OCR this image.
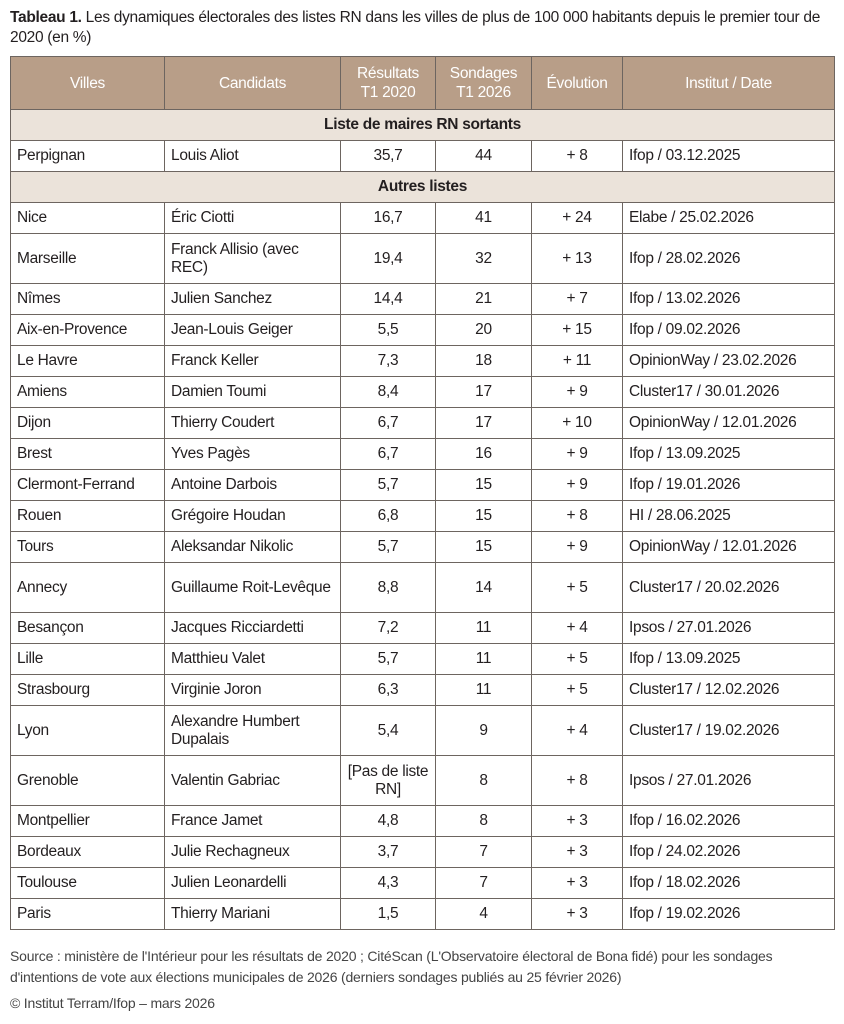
Tableau 1. Les dynamiques électorales des listes RN dans les villes de plus de 100 000 habitants depuis le premier tour de 2020 (en %)
Villes	Candidats	Résultats T1 2020	Sondages T1 2026	Évolution	Institut / Date
Liste de maires RN sortants					
Perpignan	Louis Aliot	35,7	44	+ 8	Ifop / 03.12.2025
Autres listes					
Nice	Éric Ciotti	16,7	41	+ 24	Elabe / 25.02.2026
Marseille	Franck Allisio (avec REC)	19,4	32	+ 13	Ifop / 28.02.2026
Nîmes	Julien Sanchez	14,4	21	+ 7	Ifop / 13.02.2026
Aix-en-Provence	Jean-Louis Geiger	5,5	20	+ 15	Ifop / 09.02.2026
Le Havre	Franck Keller	7,3	18	+ 11	OpinionWay / 23.02.2026
Amiens	Damien Toumi	8,4	17	+ 9	Cluster17 / 30.01.2026
Dijon	Thierry Coudert	6,7	17	+ 10	OpinionWay / 12.01.2026
Brest	Yves Pagès	6,7	16	+ 9	Ifop / 13.09.2025
Clermont-Ferrand	Antoine Darbois	5,7	15	+ 9	Ifop / 19.01.2026
Rouen	Grégoire Houdan	6,8	15	+ 8	HI / 28.06.2025
Tours	Aleksandar Nikolic	5,7	15	+ 9	OpinionWay / 12.01.2026
Annecy	Guillaume Roit-Levêque	8,8	14	+ 5	Cluster17 / 20.02.2026
Besançon	Jacques Ricciardetti	7,2	11	+ 4	Ipsos / 27.01.2026
Lille	Matthieu Valet	5,7	11	+ 5	Ifop / 13.09.2025
Strasbourg	Virginie Joron	6,3	11	+ 5	Cluster17 / 12.02.2026
Lyon	Alexandre Humbert Dupalais	5,4	9	+ 4	Cluster17 / 19.02.2026
Grenoble	Valentin Gabriac	[Pas de liste RN]	8	+ 8	Ipsos / 27.01.2026
Montpellier	France Jamet	4,8	8	+ 3	Ifop / 16.02.2026
Bordeaux	Julie Rechagneux	3,7	7	+ 3	Ifop / 24.02.2026
Toulouse	Julien Leonardelli	4,3	7	+ 3	Ifop / 18.02.2026
Paris	Thierry Mariani	1,5	4	+ 3	Ifop / 19.02.2026
Source : ministère de l'Intérieur pour les résultats de 2020 ; CitéScan (L'Observatoire électoral de Bona fidé) pour les sondages d'intentions de vote aux élections municipales de 2026 (derniers sondages publiés au 25 février 2026)
© Institut Terram/Ifop – mars 2026
